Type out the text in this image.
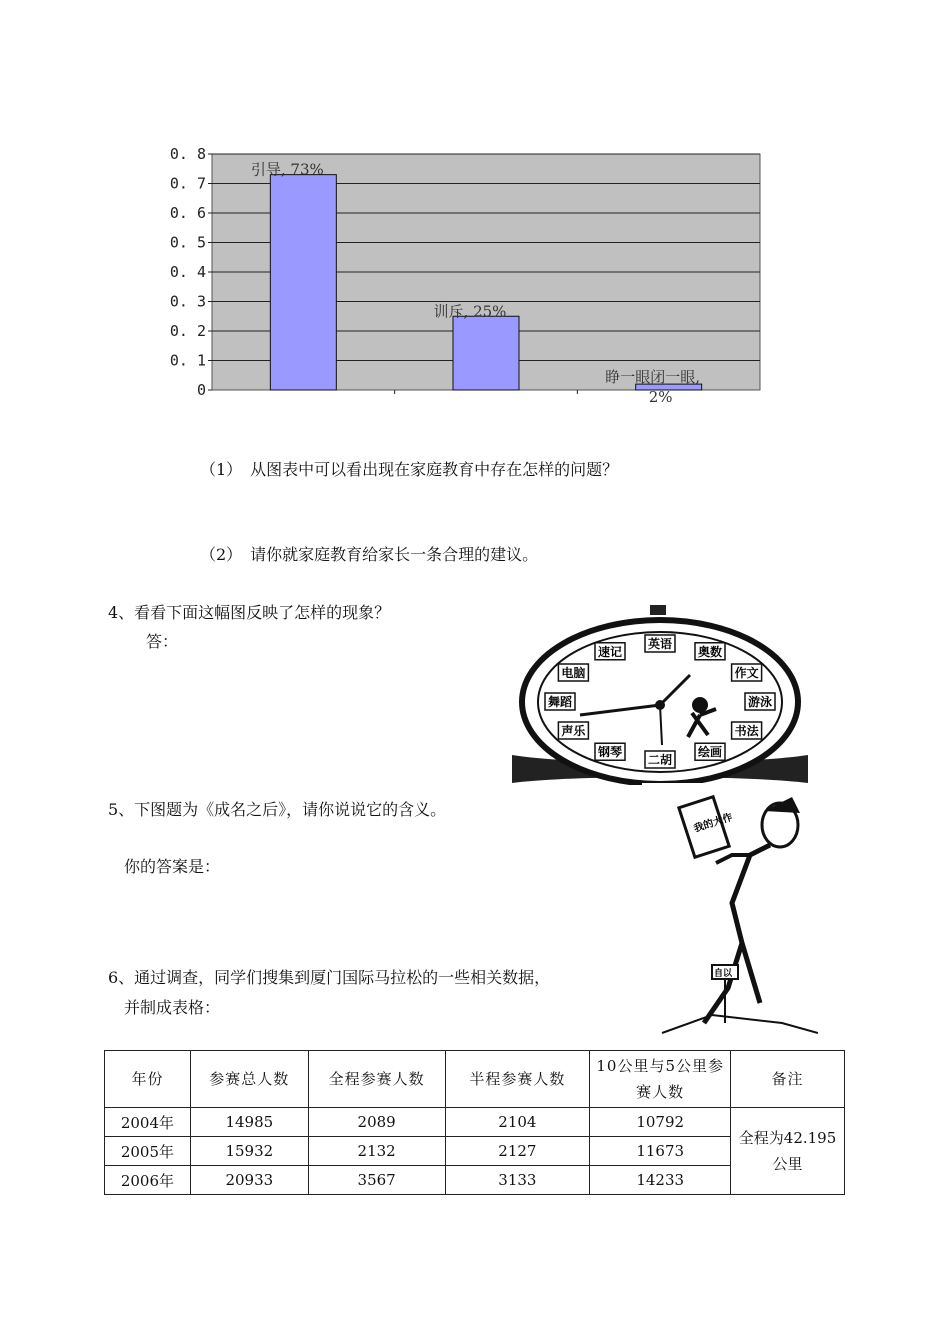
0
0. 1
0. 2
0. 3
0. 4
0. 5
0. 6
0. 7
0. 8
引导, 73%
训斥, 25%
睁一眼闭一眼,
2%
（1）　从图表中可以看出现在家庭教育中存在怎样的问题？
（2）　请你就家庭教育给家长一条合理的建议。
4、看看下面这幅图反映了怎样的现象？
答：	英语
奥数
作文
游泳
书法
绘画
二胡
钢琴
声乐
舞蹈
电脑
速记
5、下图题为《成名之后》，请你说说它的含义。
你的答案是：
我的大作
自以
6、通过调查，同学们搜集到厦门国际马拉松的一些相关数据，
并制成表格：
年份	参赛总人数	全程参赛人数	半程参赛人数	10公里与5公里参赛人数	备注
2004年	14985	2089	2104	10792	全程为42.195公里
2005年	15932	2132	2127	11673	
2006年	20933	3567	3133	14233	
